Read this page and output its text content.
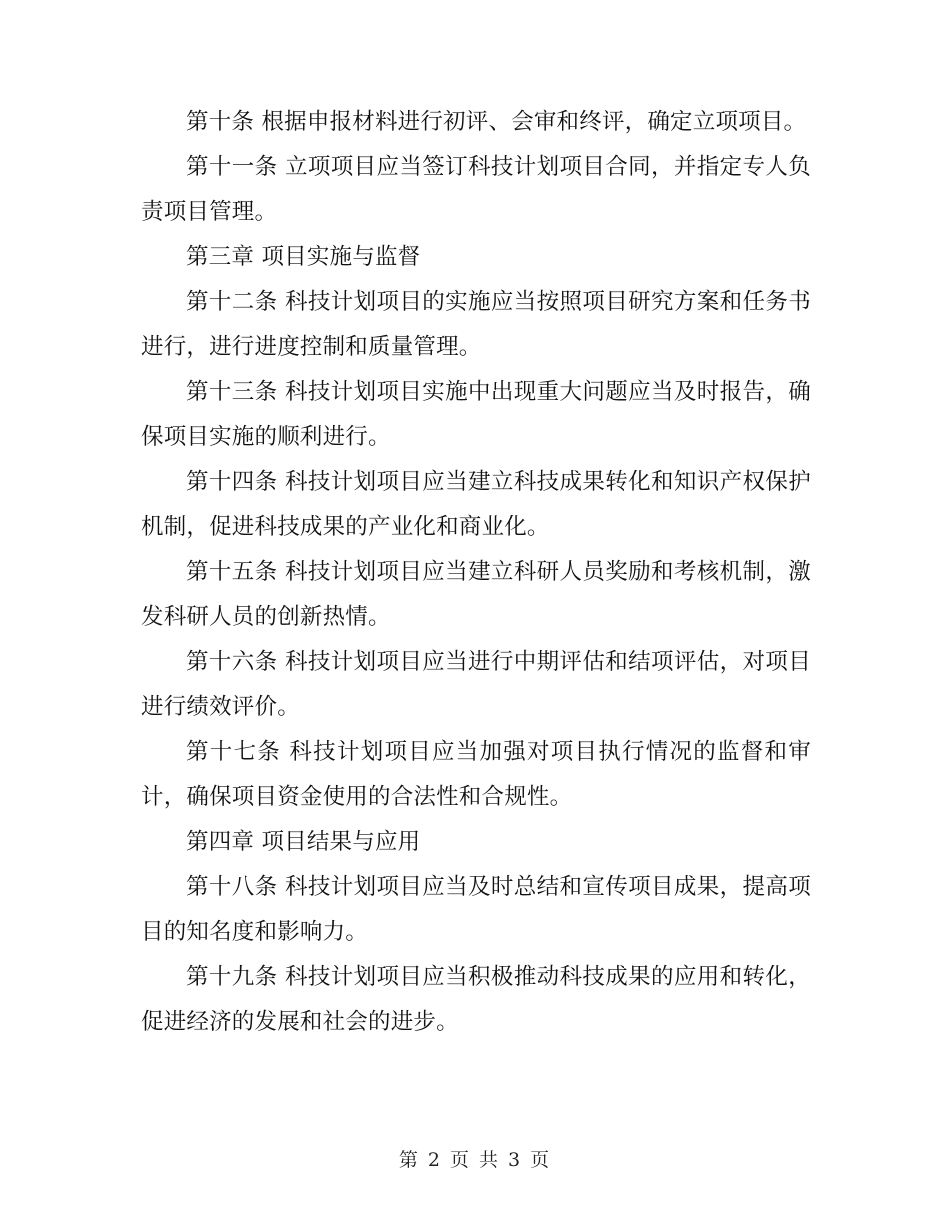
第十条 根据申报材料进行初评、会审和终评，确定立项项目。

第十一条 立项项目应当签订科技计划项目合同，并指定专人负责项目管理。

第三章 项目实施与监督

第十二条 科技计划项目的实施应当按照项目研究方案和任务书进行，进行进度控制和质量管理。

第十三条 科技计划项目实施中出现重大问题应当及时报告，确保项目实施的顺利进行。

第十四条 科技计划项目应当建立科技成果转化和知识产权保护机制，促进科技成果的产业化和商业化。

第十五条 科技计划项目应当建立科研人员奖励和考核机制，激发科研人员的创新热情。

第十六条 科技计划项目应当进行中期评估和结项评估，对项目进行绩效评价。

第十七条 科技计划项目应当加强对项目执行情况的监督和审计，确保项目资金使用的合法性和合规性。

第四章 项目结果与应用

第十八条 科技计划项目应当及时总结和宣传项目成果，提高项目的知名度和影响力。

第十九条 科技计划项目应当积极推动科技成果的应用和转化，促进经济的发展和社会的进步。

第 2 页 共 3 页
